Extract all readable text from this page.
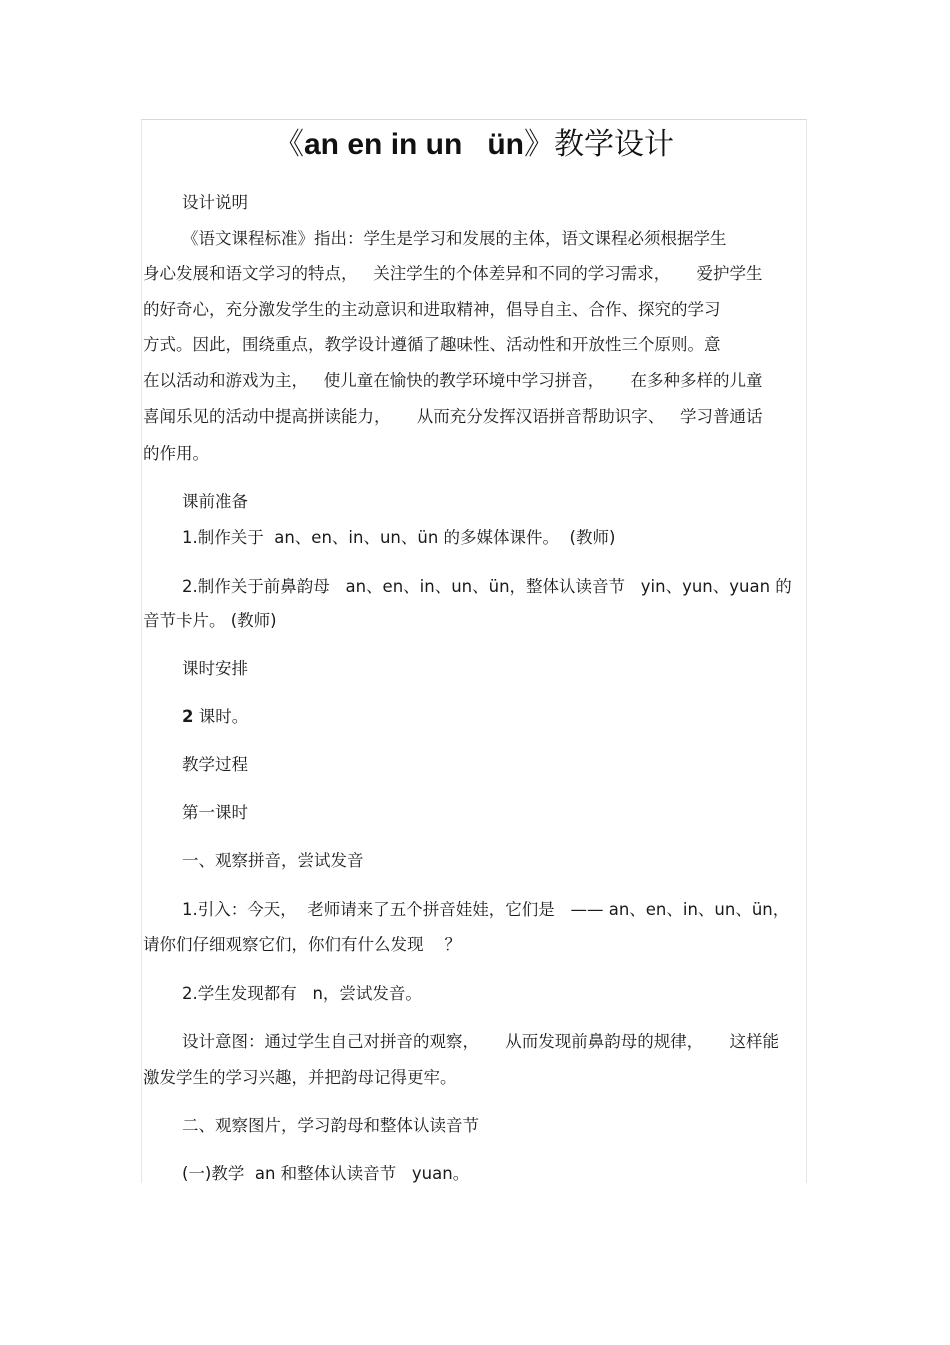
《an en in un   ün》教学设计
设计说明
《语文课程标准》指出：学生是学习和发展的主体，语文课程必须根据学生
身心发展和语文学习的特点，   关注学生的个体差异和不同的学习需求，     爱护学生
的好奇心，充分激发学生的主动意识和进取精神，倡导自主、合作、探究的学习
方式。因此，围绕重点，教学设计遵循了趣味性、活动性和开放性三个原则。意
在以活动和游戏为主，   使儿童在愉快的教学环境中学习拼音，     在多种多样的儿童
喜闻乐见的活动中提高拼读能力，     从而充分发挥汉语拼音帮助识字、   学习普通话
的作用。
课前准备
1.制作关于  an、en、in、un、ün 的多媒体课件。  (教师)
2.制作关于前鼻韵母   an、en、in、un、ün，整体认读音节   yin、yun、yuan 的
音节卡片。 (教师)
课时安排
2 课时。
教学过程
第一课时
一、观察拼音，尝试发音
1.引入：今天，  老师请来了五个拼音娃娃，它们是   —— an、en、in、un、ün，
请你们仔细观察它们，你们有什么发现    ？
2.学生发现都有   n，尝试发音。
设计意图：通过学生自己对拼音的观察，     从而发现前鼻韵母的规律，     这样能
激发学生的学习兴趣，并把韵母记得更牢。
二、观察图片，学习韵母和整体认读音节
(一)教学  an 和整体认读音节   yuan。
